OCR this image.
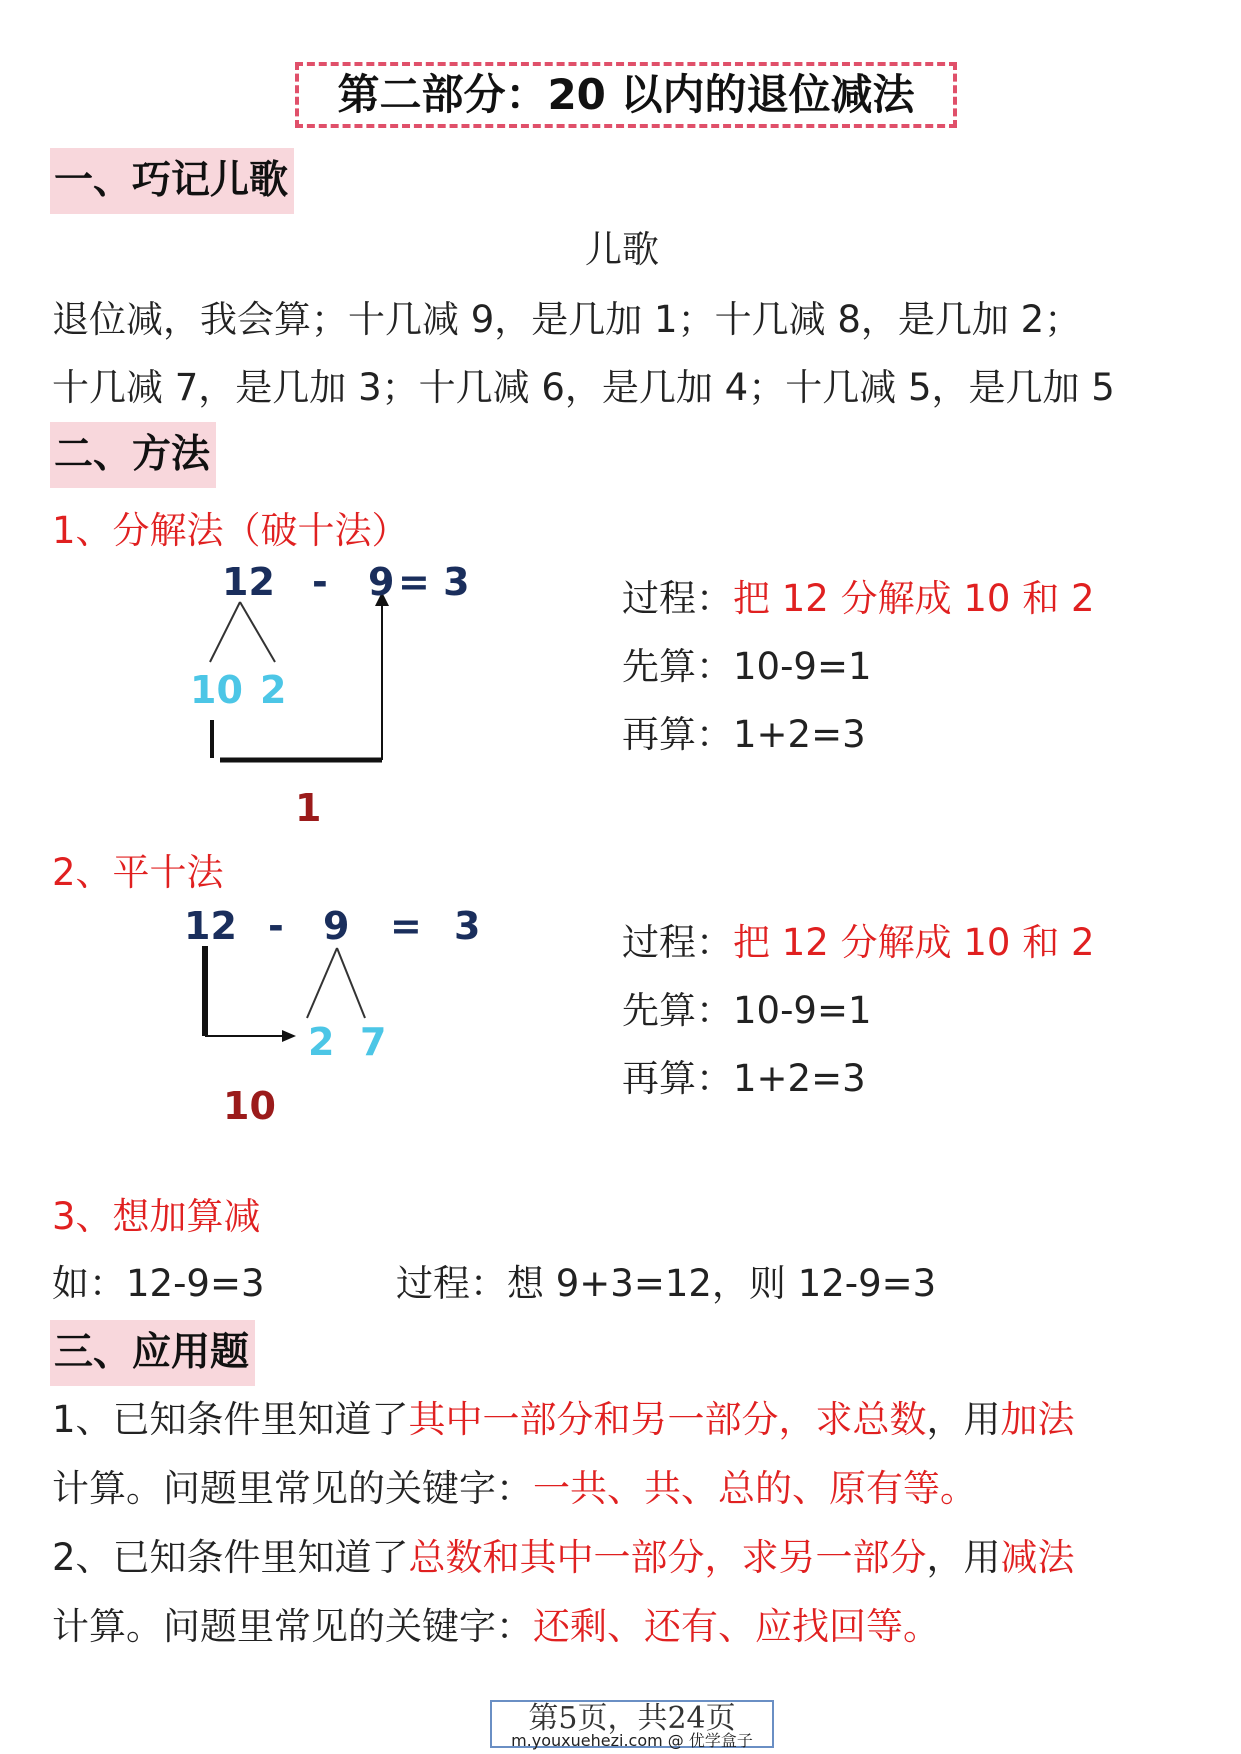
第二部分：20 以内的退位减法
一、巧记儿歌
儿歌
退位减，我会算；十几减 9，是几加 1；十几减 8，是几加 2；
十几减 7，是几加 3；十几减 6，是几加 4；十几减 5，是几加 5
二、方法
1、分解法（破十法）
12 - 9 = 3
10 2
1
过程：把 12 分解成 10 和 2
先算：10-9=1
再算：1+2=3
2、平十法
12 - 9 = 3
2 7
10
过程：把 12 分解成 10 和 2
先算：10-9=1
再算：1+2=3
3、想加算减
如：12-9=3	过程：想 9+3=12，则 12-9=3
三、应用题
1、已知条件里知道了其中一部分和另一部分，求总数，用加法
计算。问题里常见的关键字：一共、共、总的、原有等。
2、已知条件里知道了总数和其中一部分，求另一部分，用减法
计算。问题里常见的关键字：还剩、还有、应找回等。
第5页，共24页
m.youxuehezi.com @ 优学盒子
